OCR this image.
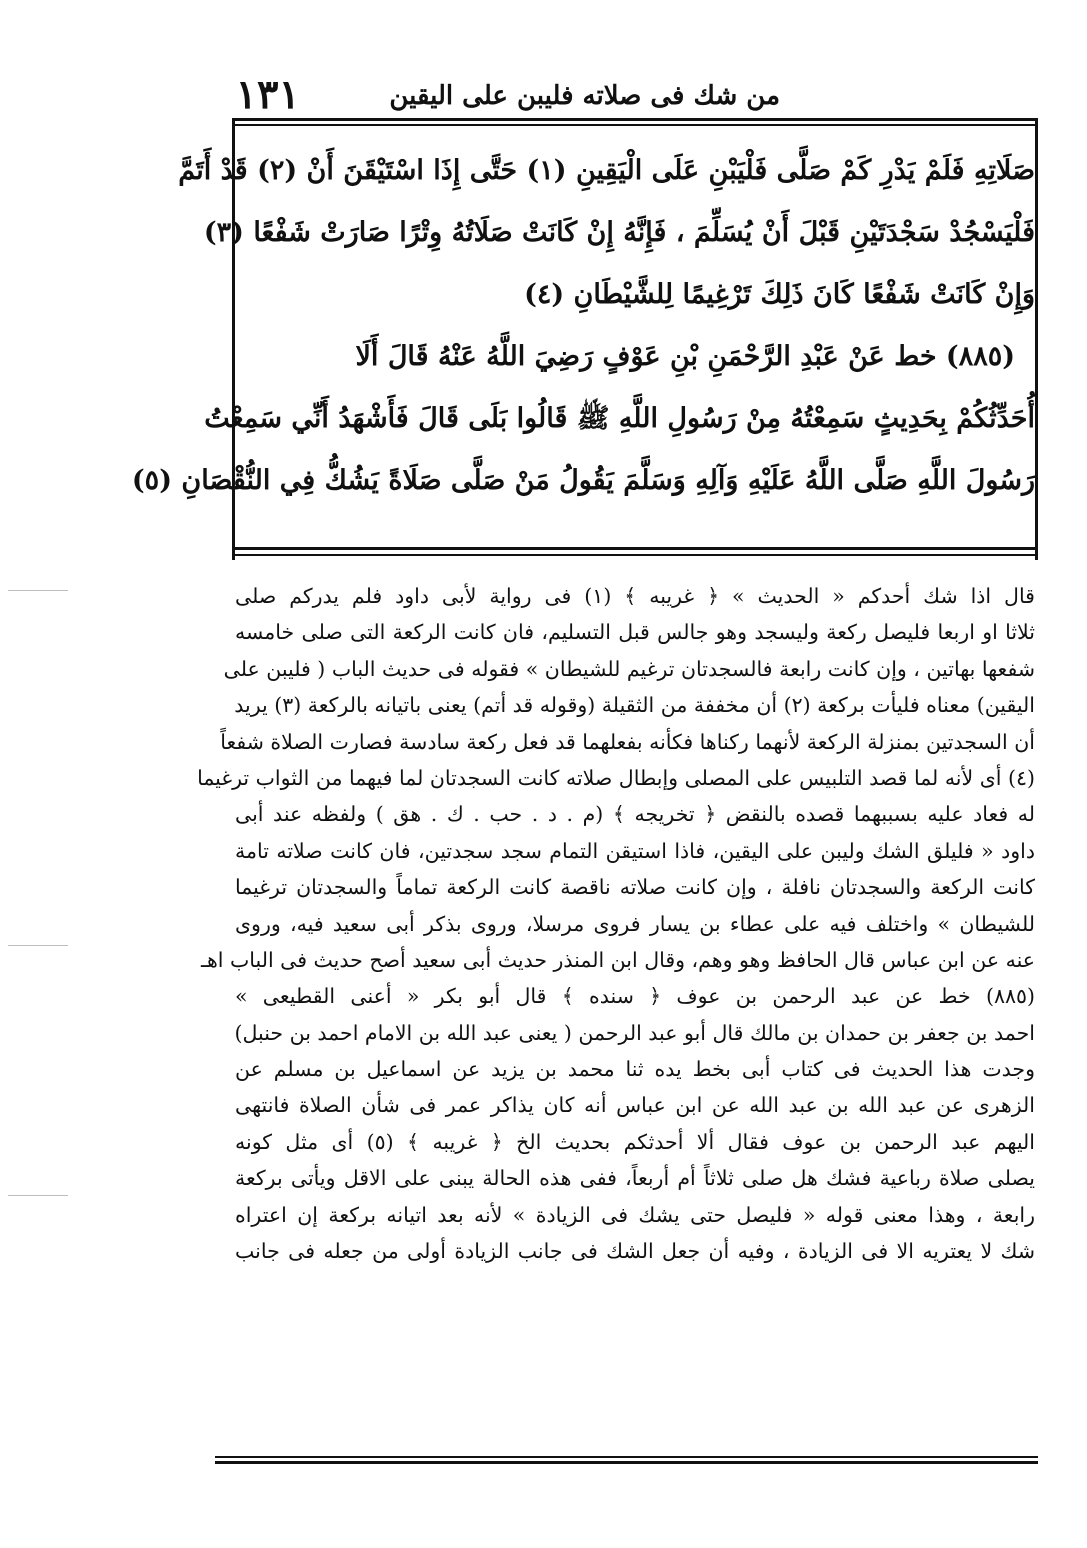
١٣١	من شك فى صلاته فليبن على اليقين
صَلَاتِهِ فَلَمْ يَدْرِ كَمْ صَلَّى فَلْيَبْنِ عَلَى الْيَقِينِ (١) حَتَّى إِذَا اسْتَيْقَنَ أَنْ (٢) قَدْ أَتَمَّ
فَلْيَسْجُدْ سَجْدَتَيْنِ قَبْلَ أَنْ يُسَلِّمَ ، فَإِنَّهُ إِنْ كَانَتْ صَلَاتُهُ وِتْرًا صَارَتْ شَفْعًا (٣)
وَإِنْ كَانَتْ شَفْعًا كَانَ ذَلِكَ تَرْغِيمًا لِلشَّيْطَانِ (٤)
(٨٨٥) خط عَنْ عَبْدِ الرَّحْمَنِ بْنِ عَوْفٍ رَضِيَ اللَّهُ عَنْهُ قَالَ أَلَا
أُحَدِّثُكُمْ بِحَدِيثٍ سَمِعْتُهُ مِنْ رَسُولِ اللَّهِ ﷺ قَالُوا بَلَى قَالَ فَأَشْهَدُ أَنِّي سَمِعْتُ
رَسُولَ اللَّهِ صَلَّى اللَّهُ عَلَيْهِ وَآلِهِ وَسَلَّمَ يَقُولُ مَنْ صَلَّى صَلَاةً يَشُكُّ فِي النُّقْصَانِ (٥)
قال اذا شك أحدكم « الحديث » ﴿ غريبه ﴾ (١) فى رواية لأبى داود فلم يدركم صلى
ثلاثا او اربعا فليصل ركعة وليسجد وهو جالس قبل التسليم، فان كانت الركعة التى صلى خامسه
شفعها بهاتين ، وإن كانت رابعة فالسجدتان ترغيم للشيطان » فقوله فى حديث الباب ( فليبن على
اليقين) معناه فليأت بركعة (٢) أن مخففة من الثقيلة (وقوله قد أتم) يعنى باتيانه بالركعة (٣) يريد
أن السجدتين بمنزلة الركعة لأنهما ركناها فكأنه بفعلهما قد فعل ركعة سادسة فصارت الصلاة شفعاً
(٤) أى لأنه لما قصد التلبيس على المصلى وإبطال صلاته كانت السجدتان لما فيهما من الثواب ترغيما
له فعاد عليه بسببهما قصده بالنقض ﴿ تخريجه ﴾ (م . د . حب . ك . هق ) ولفظه عند أبى
داود « فليلق الشك وليبن على اليقين، فاذا استيقن التمام سجد سجدتين، فان كانت صلاته تامة
كانت الركعة والسجدتان نافلة ، وإن كانت صلاته ناقصة كانت الركعة تماماً والسجدتان ترغيما
للشيطان » واختلف فيه على عطاء بن يسار فروى مرسلا، وروى بذكر أبى سعيد فيه، وروى
عنه عن ابن عباس قال الحافظ وهو وهم، وقال ابن المنذر حديث أبى سعيد أصح حديث فى الباب اهـ
(٨٨٥) خط عن عبد الرحمن بن عوف ﴿ سنده ﴾ قال أبو بكر « أعنى القطيعى »
احمد بن جعفر بن حمدان بن مالك قال أبو عبد الرحمن ( يعنى عبد الله بن الامام احمد بن حنبل)
وجدت هذا الحديث فى كتاب أبى بخط يده ثنا محمد بن يزيد عن اسماعيل بن مسلم عن
الزهرى عن عبد الله بن عبد الله عن ابن عباس أنه كان يذاكر عمر فى شأن الصلاة فانتهى
اليهم عبد الرحمن بن عوف فقال ألا أحدثكم بحديث الخ ﴿ غريبه ﴾ (٥) أى مثل كونه
يصلى صلاة رباعية فشك هل صلى ثلاثاً أم أربعاً، ففى هذه الحالة يبنى على الاقل ويأتى بركعة
رابعة ، وهذا معنى قوله « فليصل حتى يشك فى الزيادة » لأنه بعد اتيانه بركعة إن اعتراه
شك لا يعتريه الا فى الزيادة ، وفيه أن جعل الشك فى جانب الزيادة أولى من جعله فى جانب
